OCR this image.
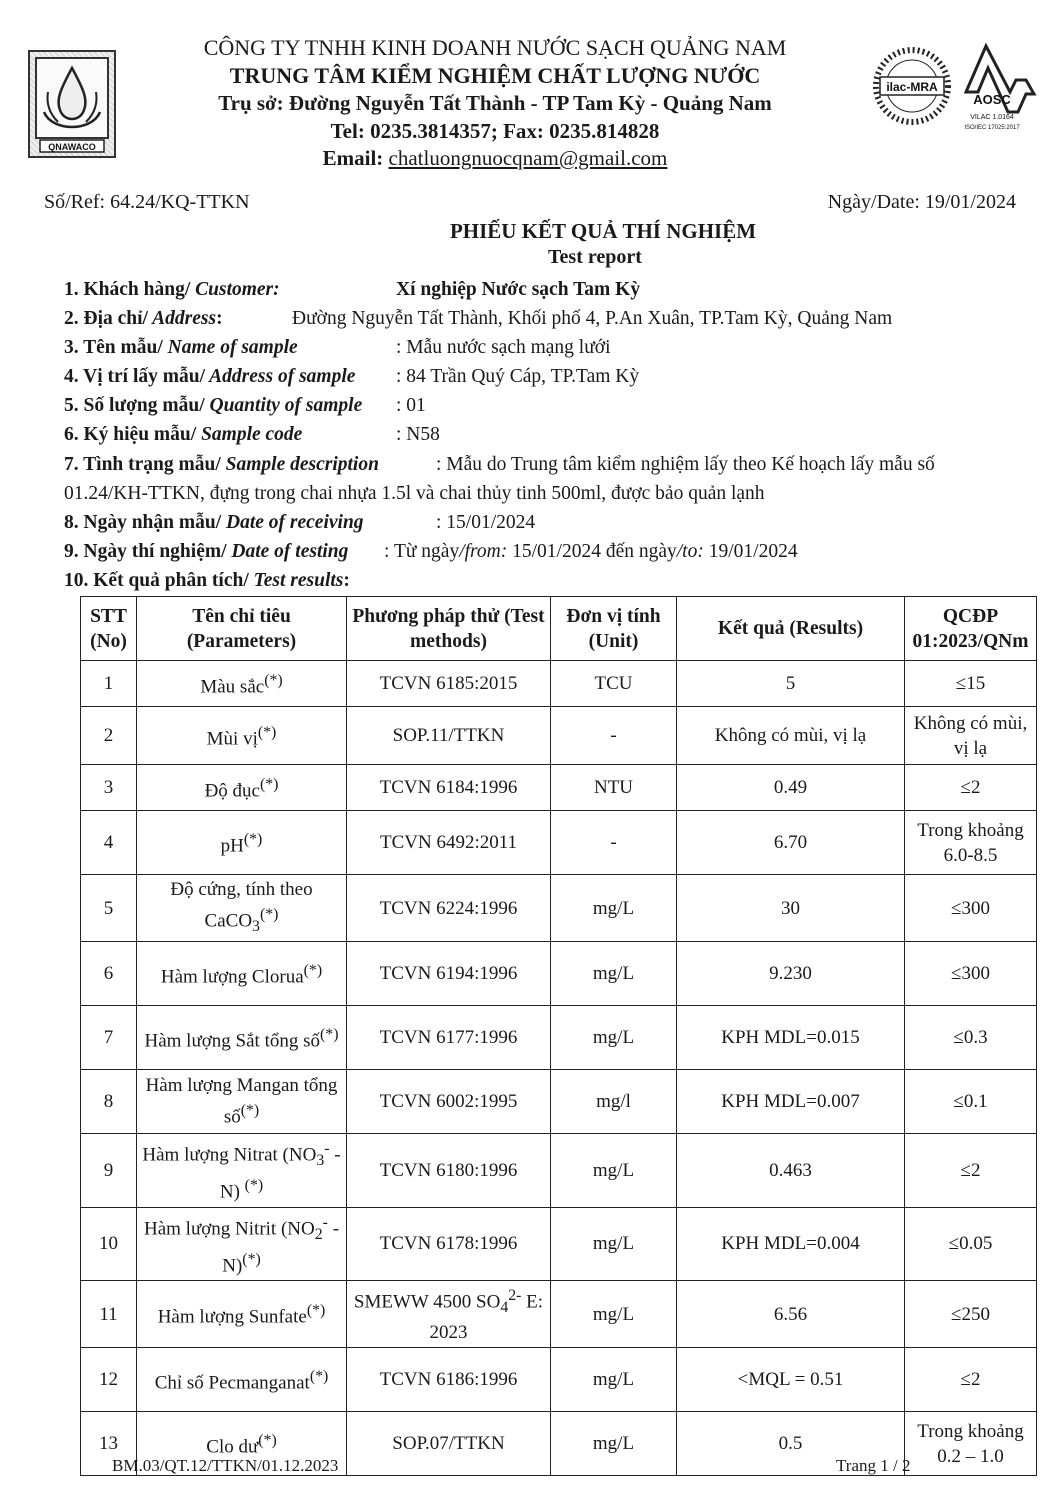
QNAWACO
CÔNG TY TNHH KINH DOANH NƯỚC SẠCH QUẢNG NAM
TRUNG TÂM KIỂM NGHIỆM CHẤT LƯỢNG NƯỚC
Trụ sở: Đường Nguyễn Tất Thành - TP Tam Kỳ - Quảng Nam
Tel: 0235.3814357; Fax: 0235.814828
Email: chatluongnuocqnam@gmail.com
ilac-MRA
AOSC
VILAC 1.0164
ISO/IEC 17025:2017
Số/Ref: 64.24/KQ-TTKN	Ngày/Date: 19/01/2024
PHIẾU KẾT QUẢ THÍ NGHIỆM
Test report
1. Khách hàng/ Customer:	Xí nghiệp Nước sạch Tam Kỳ
2. Địa chỉ/ Address:	Đường Nguyễn Tất Thành, Khối phố 4, P.An Xuân, TP.Tam Kỳ, Quảng Nam
3. Tên mẫu/ Name of sample	: Mẫu nước sạch mạng lưới
4. Vị trí lấy mẫu/ Address of sample : 84 Trần Quý Cáp, TP.Tam Kỳ
5. Số lượng mẫu/ Quantity of sample : 01
6. Ký hiệu mẫu/ Sample code	: N58
7. Tình trạng mẫu/ Sample description	: Mẫu do Trung tâm kiểm nghiệm lấy theo Kế hoạch lấy mẫu số
01.24/KH-TTKN, đựng trong chai nhựa 1.5l và chai thủy tinh 500ml, được bảo quản lạnh
8. Ngày nhận mẫu/ Date of receiving	: 15/01/2024
9. Ngày thí nghiệm/ Date of testing : Từ ngày/from: 15/01/2024 đến ngày/to: 19/01/2024
10. Kết quả phân tích/ Test results:
STT (No)	Tên chỉ tiêu (Parameters)	Phương pháp thử (Test methods)	Đơn vị tính (Unit)	Kết quả (Results)	QCĐP 01:2023/QNm
1	Màu sắc(*)	TCVN 6185:2015	TCU	5	≤15
2	Mùi vị(*)	SOP.11/TTKN	-	Không có mùi, vị lạ	Không có mùi, vị lạ
3	Độ đục(*)	TCVN 6184:1996	NTU	0.49	≤2
4	pH(*)	TCVN 6492:2011	-	6.70	Trong khoảng 6.0-8.5
5	Độ cứng, tính theo CaCO$_3$(*)	TCVN 6224:1996	mg/L	30	≤300
6	Hàm lượng Clorua(*)	TCVN 6194:1996	mg/L	9.230	≤300
7	Hàm lượng Sắt tổng số(*)	TCVN 6177:1996	mg/L	KPH MDL=0.015	≤0.3
8	Hàm lượng Mangan tổng số(*)	TCVN 6002:1995	mg/l	KPH MDL=0.007	≤0.1
9	Hàm lượng Nitrat ($NO_3^-$ -N) (*)	TCVN 6180:1996	mg/L	0.463	≤2
10	Hàm lượng Nitrit ($NO_2^-$ -N)(*)	TCVN 6178:1996	mg/L	KPH MDL=0.004	≤0.05
11	Hàm lượng Sunfate(*)	SMEWW 4500 $SO_4^{2-}$ E: 2023	mg/L	6.56	≤250
12	Chỉ số Pecmanganat(*)	TCVN 6186:1996	mg/L	<MQL = 0.51	≤2
13	Clo dư(*)	SOP.07/TTKN	mg/L	0.5	Trong khoảng 0.2 – 1.0
BM.03/QT.12/TTKN/01.12.2023	Trang 1 / 2
